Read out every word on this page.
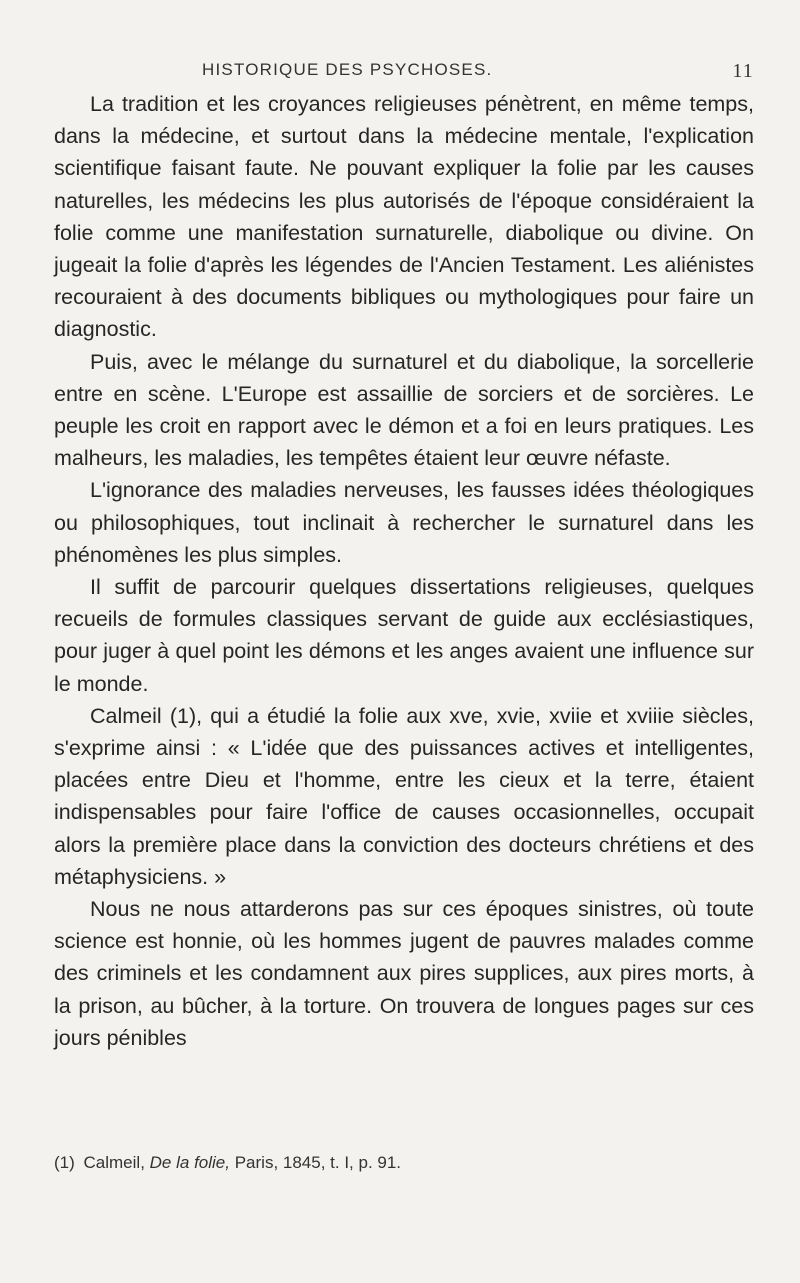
HISTORIQUE DES PSYCHOSES.	11

La tradition et les croyances religieuses pénètrent, en même temps, dans la médecine, et surtout dans la médecine mentale, l'explication scientifique faisant faute. Ne pouvant expliquer la folie par les causes naturelles, les médecins les plus autorisés de l'époque considéraient la folie comme une manifestation surnaturelle, diabolique ou divine. On jugeait la folie d'après les légendes de l'Ancien Testament. Les aliénistes recouraient à des documents bibliques ou mythologiques pour faire un diagnostic.

Puis, avec le mélange du surnaturel et du diabolique, la sorcellerie entre en scène. L'Europe est assaillie de sorciers et de sorcières. Le peuple les croit en rapport avec le démon et a foi en leurs pratiques. Les malheurs, les maladies, les tempêtes étaient leur œuvre néfaste.

L'ignorance des maladies nerveuses, les fausses idées théologiques ou philosophiques, tout inclinait à rechercher le surnaturel dans les phénomènes les plus simples.

Il suffit de parcourir quelques dissertations religieuses, quelques recueils de formules classiques servant de guide aux ecclésiastiques, pour juger à quel point les démons et les anges avaient une influence sur le monde.

Calmeil (1), qui a étudié la folie aux xve, xvie, xviie et xviiie siècles, s'exprime ainsi : « L'idée que des puissances actives et intelligentes, placées entre Dieu et l'homme, entre les cieux et la terre, étaient indispensables pour faire l'office de causes occasionnelles, occupait alors la première place dans la conviction des docteurs chrétiens et des métaphysiciens. »

Nous ne nous attarderons pas sur ces époques sinistres, où toute science est honnie, où les hommes jugent de pauvres malades comme des criminels et les condamnent aux pires supplices, aux pires morts, à la prison, au bûcher, à la torture. On trouvera de longues pages sur ces jours pénibles

(1) Calmeil, De la folie, Paris, 1845, t. I, p. 91.
